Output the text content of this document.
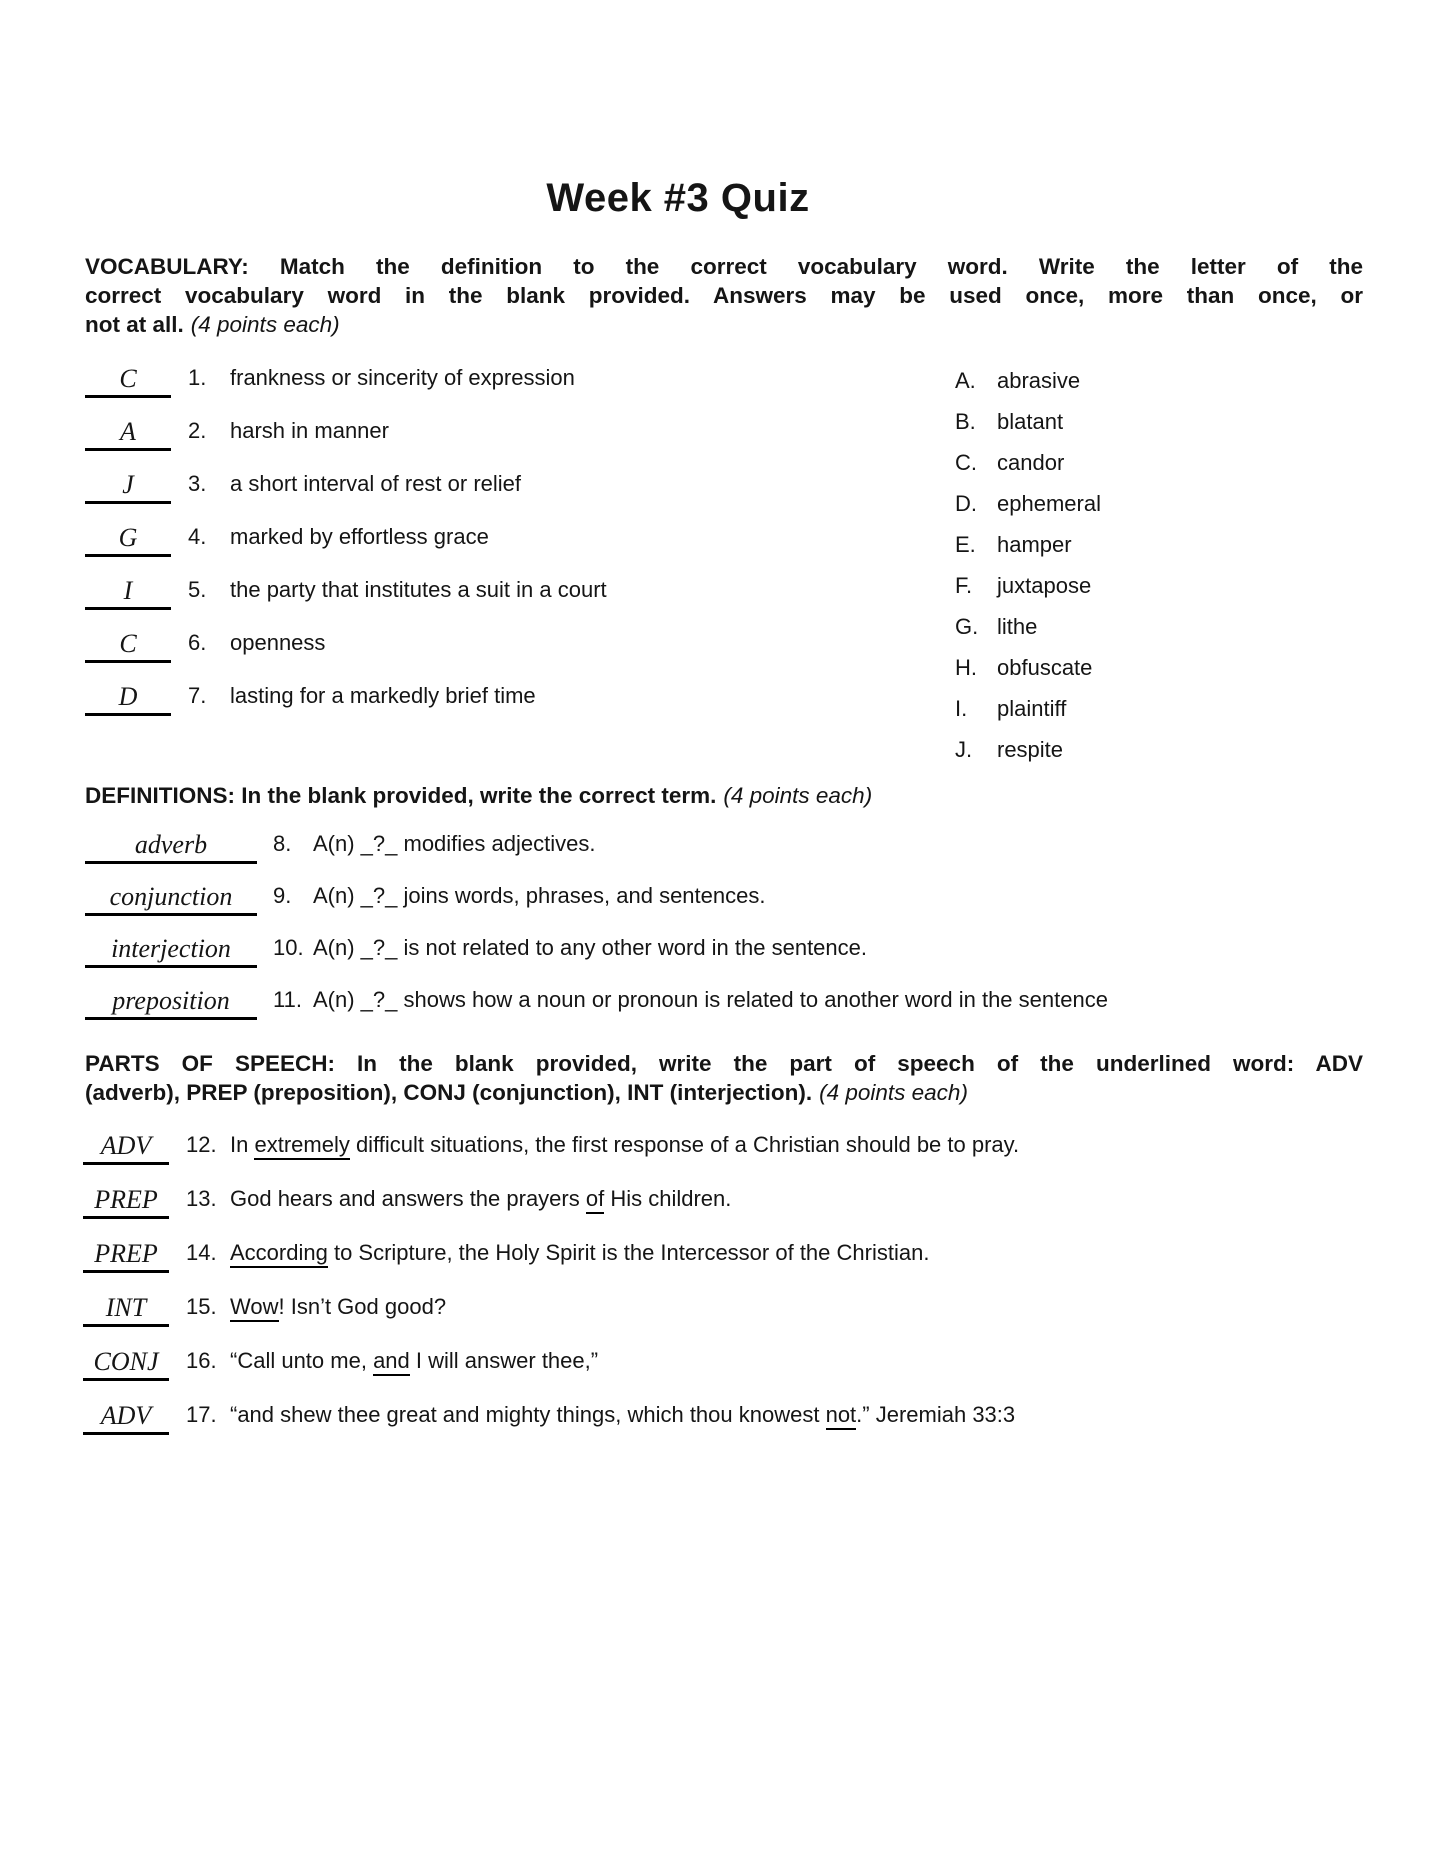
Week #3 Quiz
VOCABULARY: Match the definition to the correct vocabulary word. Write the letter of the
correct vocabulary word in the blank provided. Answers may be used once, more than once, or
not at all. (4 points each)
C	1.	frankness or sincerity of expression
A	2.	harsh in manner
J	3.	a short interval of rest or relief
G	4.	marked by effortless grace
I	5.	the party that institutes a suit in a court
C	6.	openness
D	7.	lasting for a markedly brief time
A. abrasive
B. blatant
C. candor
D. ephemeral
E. hamper
F.	juxtapose
G. lithe
H. obfuscate
I.	plaintiff
J.	respite
DEFINITIONS: In the blank provided, write the correct term. (4 points each)
adverb	8. A(n) _?_ modifies adjectives.
conjunction	9. A(n) _?_ joins words, phrases, and sentences.
interjection	10. A(n) _?_ is not related to any other word in the sentence.
preposition	11. A(n) _?_ shows how a noun or pronoun is related to another word in the sentence
PARTS OF SPEECH: In the blank provided, write the part of speech of the underlined word: ADV
(adverb), PREP (preposition), CONJ (conjunction), INT (interjection). (4 points each)
ADV	12. In extremely difficult situations, the first response of a Christian should be to pray.
PREP	13. God hears and answers the prayers of His children.
PREP	14. According to Scripture, the Holy Spirit is the Intercessor of the Christian.
INT	15. Wow! Isn’t God good?
CONJ	16. “Call unto me, and I will answer thee,”
ADV	17. “and shew thee great and mighty things, which thou knowest not.” Jeremiah 33:3
